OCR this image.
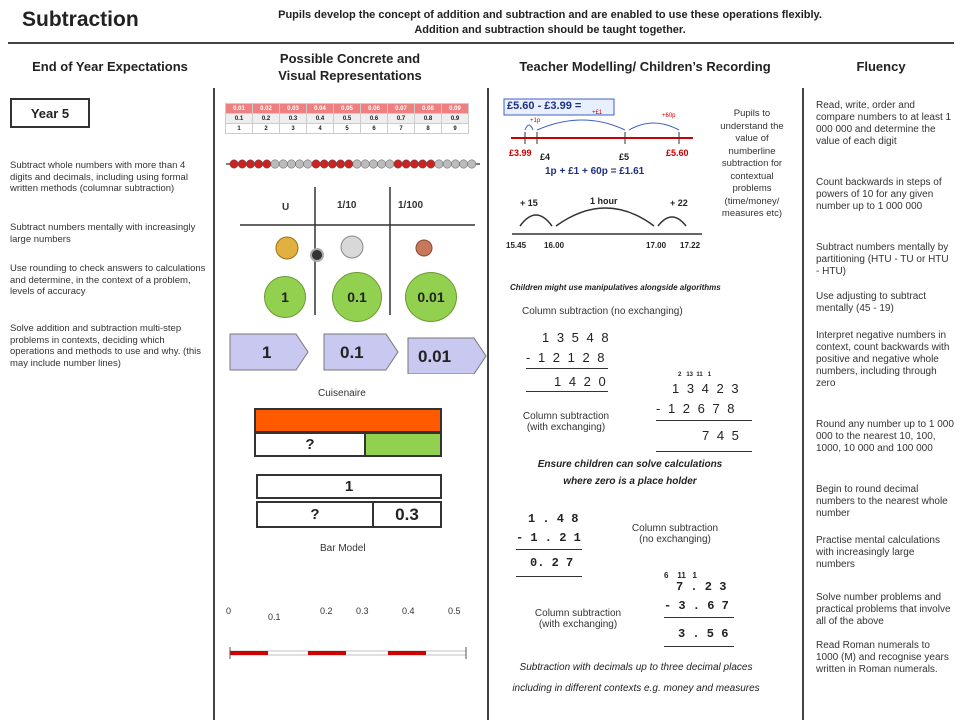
Subtraction	Pupils develop the concept of addition and subtraction and are enabled to use these operations flexibly.
Addition and subtraction should be taught together.
End of Year Expectations
Possible Concrete and
Visual Representations
Teacher Modelling/ Children’s Recording	Fluency
Year 5
Subtract whole numbers with more than 4 digits and decimals, including using formal written methods (columnar subtraction)
Subtract numbers mentally with increasingly large numbers
Use rounding to check answers to calculations and determine, in the context of a problem, levels of accuracy
Solve addition and subtraction multi-step problems in contexts, deciding which operations and methods to use and why. (this may include number lines)
0.01	0.02	0.03	0.04	0.05	0.06	0.07	0.08	0.09
0.1	0.2	0.3	0.4	0.5	0.6	0.7	0.8	0.9
1	2	3	4	5	6	7	8	9
U	1/10	1/100
1	0.1	0.01
1	0.1	0.01
Cuisenaire
?
1
?	0.3
Bar Model
0
0.1
0.2	0.3	0.4	0.5
£5.60 - £3.99 =
+1p
+£1	+60p
£3.99 £4	£5	£5.60
1p + £1 + 60p = £1.61
+ 15	1 hour	+ 22
15.45 16.00	17.00 17.22
Pupils to understand the value of numberline subtraction for contextual problems (time/money/ measures etc)
Children might use manipulatives alongside algorithms
Column subtraction (no exchanging)
1 3 5 4 8
- 1 2 1 2 8
1 4 2 0
Column subtraction
(with exchanging)
2   13  11   1
1 3 4 2 3
- 1 2 6 7 8
7 4 5
Ensure children can solve calculations
where zero is a place holder
1 . 4 8
- 1 . 2 1
0. 2 7
Column subtraction
(no exchanging)
6    11   1
7 . 2 3
- 3 . 6 7
3 . 5 6
Column subtraction
(with exchanging)
Subtraction with decimals up to three decimal places including in different contexts e.g. money and measures
Read, write, order and compare numbers to at least 1 000 000 and determine the value of each digit
Count backwards in steps of powers of 10 for any given number up to 1 000 000
Subtract numbers mentally by partitioning (HTU - TU or HTU - HTU)
Use adjusting to subtract mentally (45 - 19)
Interpret negative numbers in context, count backwards with positive and negative whole numbers, including through zero
Round any number up to 1 000 000 to the nearest 10, 100, 1000, 10 000 and 100 000
Begin to round decimal numbers to the nearest whole number
Practise mental calculations with increasingly large numbers
Solve number problems and practical problems that involve all of the above
Read Roman numerals to 1000 (M) and recognise years written in Roman numerals.
